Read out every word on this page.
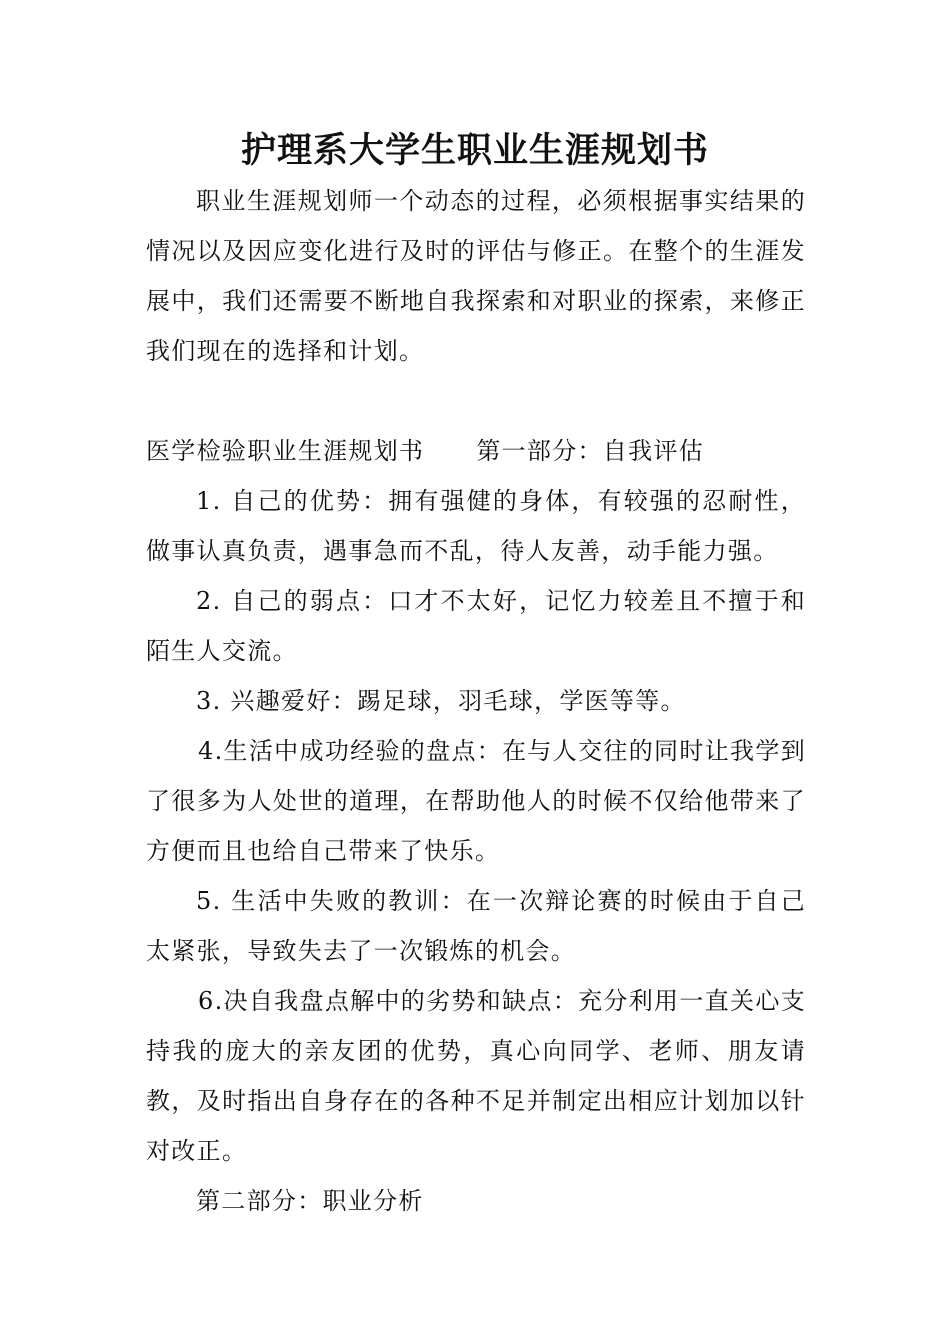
护理系大学生职业生涯规划书

职业生涯规划师一个动态的过程，必须根据事实结果的情况以及因应变化进行及时的评估与修正。在整个的生涯发展中，我们还需要不断地自我探索和对职业的探索，来修正我们现在的选择和计划。

医学检验职业生涯规划书 第一部分：自我评估

1. 自己的优势：拥有强健的身体，有较强的忍耐性，做事认真负责，遇事急而不乱，待人友善，动手能力强。

2. 自己的弱点：口才不太好，记忆力较差且不擅于和陌生人交流。

3. 兴趣爱好：踢足球，羽毛球，学医等等。

4.生活中成功经验的盘点：在与人交往的同时让我学到了很多为人处世的道理，在帮助他人的时候不仅给他带来了方便而且也给自己带来了快乐。

5. 生活中失败的教训：在一次辩论赛的时候由于自己太紧张，导致失去了一次锻炼的机会。

6.决自我盘点解中的劣势和缺点：充分利用一直关心支持我的庞大的亲友团的优势，真心向同学、老师、朋友请教，及时指出自身存在的各种不足并制定出相应计划加以针对改正。

第二部分：职业分析
